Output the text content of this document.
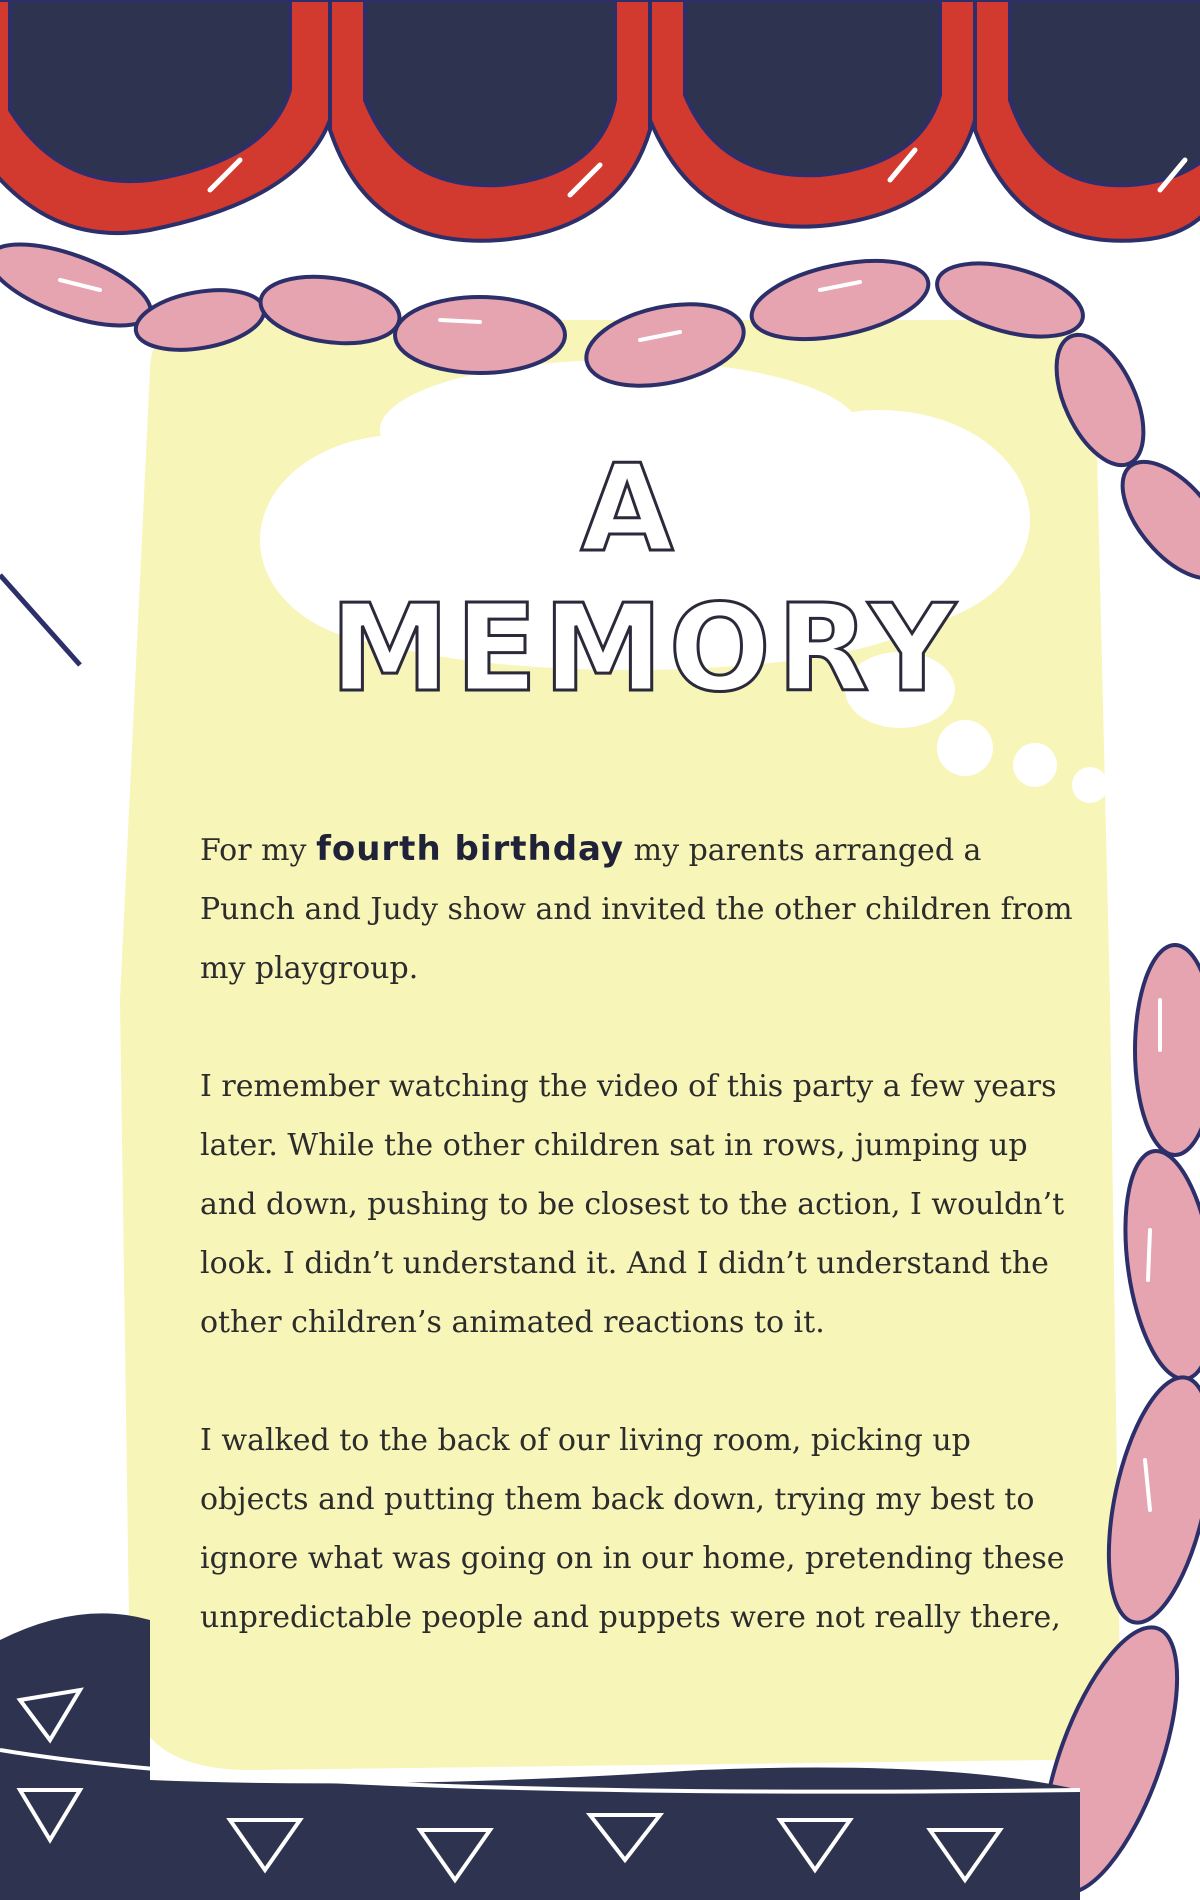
A MEMORY

For my fourth birthday my parents arranged a Punch and Judy show and invited the other children from my playgroup.

I remember watching the video of this party a few years later. While the other children sat in rows, jumping up and down, pushing to be closest to the action, I wouldn’t look. I didn’t understand it. And I didn’t understand the other children’s animated reactions to it.

I walked to the back of our living room, picking up objects and putting them back down, trying my best to ignore what was going on in our home, pretending these unpredictable people and puppets were not really there,
